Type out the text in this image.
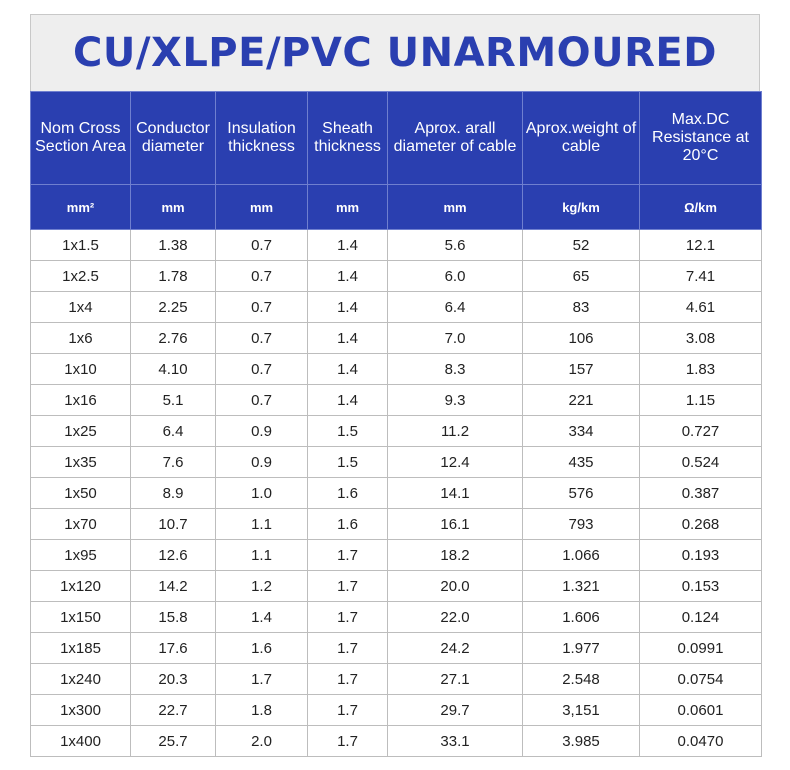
CU/XLPE/PVC UNARMOURED
Nom Cross Section Area	Conductor diameter	Insulation thickness	Sheath thickness	Aprox. arall diameter of cable	Aprox.weight of cable	Max.DC Resistance at 20°C
mm²	mm	mm	mm	mm	kg/km	Ω/km
1x1.5	1.38	0.7	1.4	5.6	52	12.1
1x2.5	1.78	0.7	1.4	6.0	65	7.41
1x4	2.25	0.7	1.4	6.4	83	4.61
1x6	2.76	0.7	1.4	7.0	106	3.08
1x10	4.10	0.7	1.4	8.3	157	1.83
1x16	5.1	0.7	1.4	9.3	221	1.15
1x25	6.4	0.9	1.5	11.2	334	0.727
1x35	7.6	0.9	1.5	12.4	435	0.524
1x50	8.9	1.0	1.6	14.1	576	0.387
1x70	10.7	1.1	1.6	16.1	793	0.268
1x95	12.6	1.1	1.7	18.2	1.066	0.193
1x120	14.2	1.2	1.7	20.0	1.321	0.153
1x150	15.8	1.4	1.7	22.0	1.606	0.124
1x185	17.6	1.6	1.7	24.2	1.977	0.0991
1x240	20.3	1.7	1.7	27.1	2.548	0.0754
1x300	22.7	1.8	1.7	29.7	3,151	0.0601
1x400	25.7	2.0	1.7	33.1	3.985	0.0470
